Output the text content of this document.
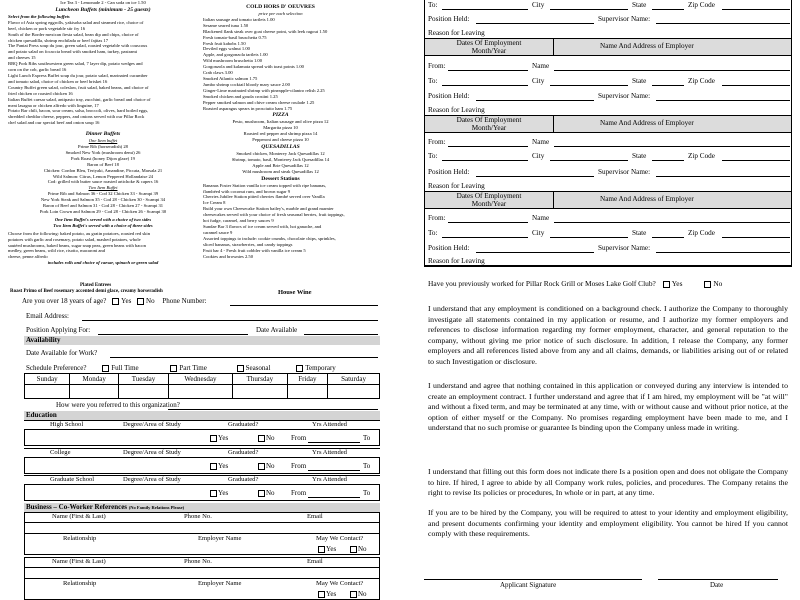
Ice Tea 3 - Lemonade 2 - Can soda on ice 1.50

Luncheon Buffets (minimum - 25 guests)

Select from the following buffets

Flavor of Asia spring eggrolls, yakisoba salad and steamed rice, choice of

beef, chicken or pork vegetable stir fry 16

South of the Border mexican fiesta salad, bean dip and chips, choice of

chicken quesadilla, shrimp enchilada or beef fajitas 17

The Pantai Press soup du jour, green salad, roasted vegetable with couscous

and potato salad on focaccia bread with smoked ham, turkey, pastrami

and cheeses 15

BBQ Pork Ribs southwestern green salad, 7 layer dip, potato wedges and

corn on the cob, garlic bread 16

Light Lunch Express Buffet soup du jour, potato salad, marinated cucumber

and tomato salad, choice of chicken or beef brisket 16

Country Buffet green salad, coleslaw, fruit salad, baked beans, and choice of

fried chicken or roasted chicken 16

Italian Buffet caesar salad, antipasto tray, zucchini, garlic bread and choice of

meat lasagna or chicken alfredo with linguine, 17

Potato Bar chili, bacon, sour cream, salsa, broccoli, olives, hard boiled eggs,

shredded cheddar cheese, peppers, and onions served with our Pillar Rock

chef salad and our special beef and onion soup 16

Dinner Buffets

One Item buffet

Prime Rib (horseradish) 28

Smoked New York (mushroom demi) 26

Pork Roast (honey Dijon glaze) 19

Baron of Beef 18

Chicken: Cordon Bleu, Teriyaki, Amandine, Piccata, Marsala 21

Wild Salmon: Citrus, Lemon Peppered Hollandaise 24

Cod: grilled with butter sauce roasted artichoke & capers 16

Two Item Buffet

Prime Rib and Salmon 36 - Cod 32 Chicken 33 - Scampi 39

New York Steak and Salmon 35 - Cod 28 - Chicken 30 - Scampi 34

Baron of Beef and Salmon 31 - Cod 28 - Chicken 27 - Scampi 31

Pork Loin Crown and Salmon 29 - Cod 28 - Chicken 26 - Scampi 30

One Item Buffet's served with a choice of two sides

Two Item Buffet's served with a choice of three sides

Choose from the following: baked potato, au gratin potatoes, roasted red skin

potatoes with garlic and rosemary, potato salad, mashed potatoes, whole

sautéed mushrooms, baked beans, sugar snap peas, green beans with bacon

medley, green beans, wild rice, risotto, macaroni and

cheese, penne alfredo

includes rolls and choice of caesar, spinach or green salad

COLD HORS D' OEUVRES

price per each selection

Italian sausage and tomato tartlets 1.00

Sesame seared tuna 1.50

Blackened flank steak over goat cheese point, with leek ragout 1.50

Fresh tomato-basil bruschetta 0.75

Fresh fruit kabobs 1.50

Deviled eggs walnut 1.00

Apple, and gorgonzola tartlets 1.00

Wild mushroom bruschetta 1.00

Gorgonzola and kalamata spread with toast points 1.00

Crab claws 3.00

Smoked Atlantic salmon 1.75

Jumbo shrimp cocktail bloody mary sauce 2.00

Ginger-Lime marinated shrimp with pineapple-cilantro relish 2.25

Smoked chicken and gouda crostini 1.25

Pepper smoked salmon and chive cream cheese roulade 1.25

Roasted asparagus spears in prosciutto ham 1.75

PIZZA

Pesto, mushroom, Italian sausage and olive pizza 12

Margarita pizza 10

Roasted red pepper and shrimp pizza 14

Pepperoni and cheese pizza 10

QUESADILLAS

Smoked chicken, Monterey Jack Quesadillas 12

Shrimp, tomato, basil, Monterey Jack Quesadillas 14

Apple and Brie Quesadillas 12

Wild mushroom and steak Quesadillas 12

Dessert Stations

Bananas Foster Station vanilla ice cream topped with ripe bananas,

flambéed with coconut rum, and brown sugar 9

Cherries Jubilee Station pitted cherries flambé served over Vanilla

Ice Cream 8

Build your own Cheesecake Station bailey's, marble and grand marnier

cheesecakes served with your choice of fresh seasonal berries, fruit toppings,

hot fudge, caramel, and berry sauces 9

Sundae Bar 3 flavors of ice cream served with, hot ganache, and

caramel sauce 9

Assorted toppings to include: cookie crumbs, chocolate chips, sprinkles,

sliced bananas, strawberries, and candy toppings

Fruit bar 4 - Fresh fruit cobbler with vanilla ice cream 5

Cookies and brownies 2.50

Plated Entrees

Roast Primo of Beef rosemary accented demi glace, creamy horseradish	House Wine
Are you over 18 years of age? Yes No Phone Number:
Email Address:
Position Applying For:	Date Available
Availability
Date Available for Work?
Schedule Preference?	Full Time	Part Time	Seasonal	Temporary
Sunday	Monday	Tuesday	Wednesday	Thursday	Friday	Saturday

How were you referred to this organization?
Education
High School	Degree/Area of Study	Graduated?	Yrs Attended
Yes	No From	To
College	Degree/Area of Study	Graduated?	Yrs Attended
Yes	No From	To
Graduate School	Degree/Area of Study	Graduated?	Yrs Attended
Yes	No From	To
Business – Co-Worker References (No Family Relations Please)
Name (First & Last)	Phone No.	Email
Relationship	Employer Name	May We Contact?
Yes	No
Name (First & Last)	Phone No.	Email
Relationship	Employer Name	May We Contact?
Yes	No
To:	City	State	Zip Code
Position Held:	Supervisor Name:
Reason for Leaving
Dates Of Employment
Month/Year
Name And Address of Employer
From:	Name
To:	City	State	Zip Code
Position Held:	Supervisor Name:
Reason for Leaving
Dates Of Employment
Month/Year
Name And Address of Employer
From:	Name
To:	City	State	Zip Code
Position Held:	Supervisor Name:
Reason for Leaving
Dates Of Employment
Month/Year
Name And Address of Employer
From:	Name
To:	City	State	Zip Code
Position Held:	Supervisor Name:
Reason for Leaving
Have you previously worked for Pillar Rock Grill or Moses Lake Golf Club? Yes	No

I understand that any employment is conditioned on a background check. I authorize the Company to thoroughly investigate all statements contained in my application or resume, and I authorize my former employers and references to disclose information regarding my former employment, character, and general reputation to the company, without giving me prior notice of such disclosure. In addition, I release the Company, any former employers and all references listed above from any and all claims, demands, or liabilities arising out of or related to such Investigation or disclosure.

I understand and agree that nothing contained in this application or conveyed during any interview is intended to create an employment contract. I further understand and agree that if I am hired, my employment will be "at will" and without a fixed term, and may be terminated at any time, with or without cause and without prior notice, at the option of either myself or the Company. No promises regarding employment have been made to me, and I understand that no such promise or guarantee Is binding upon the Company unless made in writing.

I understand that filling out this form does not indicate there Is a position open and does not obligate the Company to hire. If hired, I agree to abide by all Company work rules, policies, and procedures. The Company retains the right to revise Its policies or procedures, In whole or in part, at any time.

If you are to be hired by the Company, you will be required to attest to your identity and employment eligibility, and present documents confirming your identity and employment eligibility. You cannot be hired If you cannot comply with these requirements.

Applicant Signature	Date
